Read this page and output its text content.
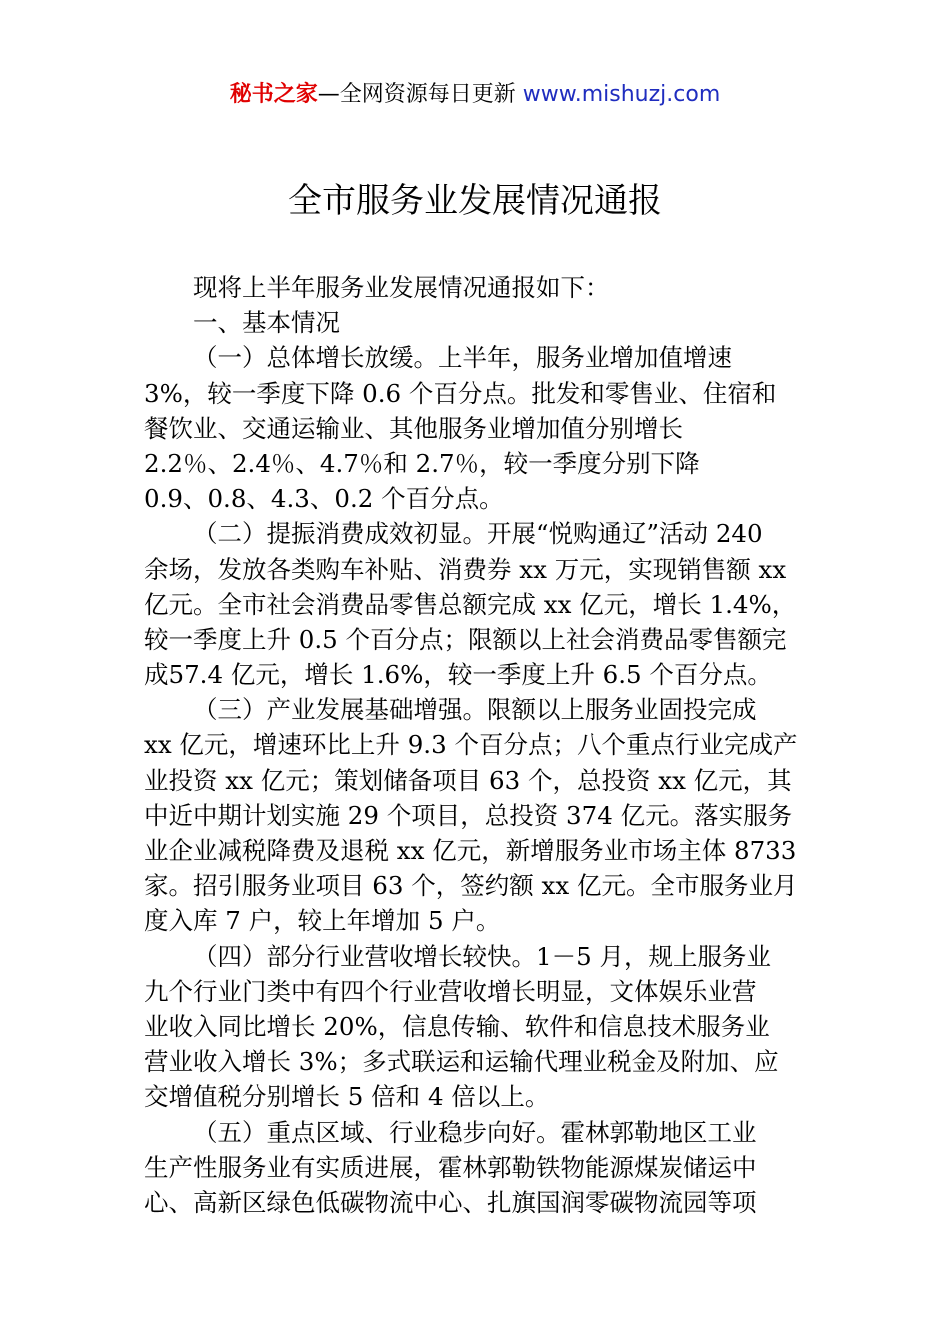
秘书之家—全网资源每日更新 www.mishuzj.com
全市服务业发展情况通报
现将上半年服务业发展情况通报如下：
一、基本情况
（一）总体增长放缓。上半年，服务业增加值增速
3%，较一季度下降 0.6 个百分点。批发和零售业、住宿和
餐饮业、交通运输业、其他服务业增加值分别增长
2.2％、2.4％、4.7％和 2.7％，较一季度分别下降
0.9、0.8、4.3、0.2 个百分点。
（二）提振消费成效初显。开展“悦购通辽”活动 240
余场，发放各类购车补贴、消费券 xx 万元，实现销售额 xx
亿元。全市社会消费品零售总额完成 xx 亿元，增长 1.4%，
较一季度上升 0.5 个百分点；限额以上社会消费品零售额完
成57.4 亿元，增长 1.6%，较一季度上升 6.5 个百分点。
（三）产业发展基础增强。限额以上服务业固投完成
xx 亿元，增速环比上升 9.3 个百分点；八个重点行业完成产
业投资 xx 亿元；策划储备项目 63 个，总投资 xx 亿元，其
中近中期计划实施 29 个项目，总投资 374 亿元。落实服务
业企业减税降费及退税 xx 亿元，新增服务业市场主体 8733
家。招引服务业项目 63 个，签约额 xx 亿元。全市服务业月
度入库 7 户，较上年增加 5 户。
（四）部分行业营收增长较快。1－5 月，规上服务业
九个行业门类中有四个行业营收增长明显，文体娱乐业营
业收入同比增长 20%，信息传输、软件和信息技术服务业
营业收入增长 3%；多式联运和运输代理业税金及附加、应
交增值税分别增长 5 倍和 4 倍以上。
（五）重点区域、行业稳步向好。霍林郭勒地区工业
生产性服务业有实质进展，霍林郭勒铁物能源煤炭储运中
心、高新区绿色低碳物流中心、扎旗国润零碳物流园等项
